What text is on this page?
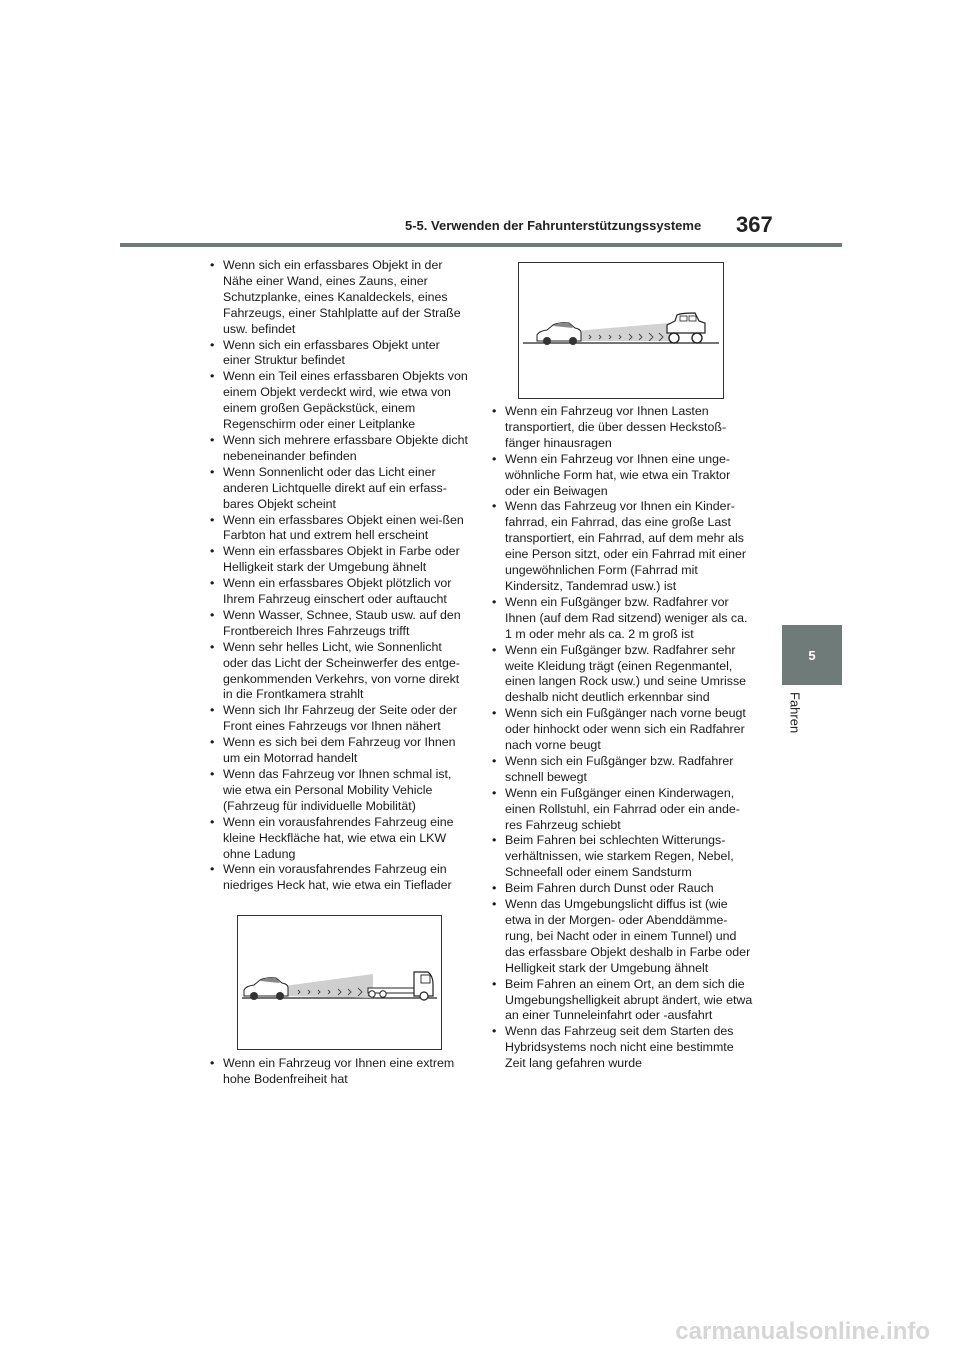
5-5. Verwenden der Fahrunterstützungssysteme 367
5
Fahren
• Wenn sich ein erfassbares Objekt in der Nähe einer Wand, eines Zauns, einer Schutzplanke, eines Kanaldeckels, eines Fahrzeugs, einer Stahlplatte auf der Straße usw. befindet
• Wenn sich ein erfassbares Objekt unter einer Struktur befindet
• Wenn ein Teil eines erfassbaren Objekts von einem Objekt verdeckt wird, wie etwa von einem großen Gepäckstück, einem Regenschirm oder einer Leitplanke
• Wenn sich mehrere erfassbare Objekte dicht nebeneinander befinden
• Wenn Sonnenlicht oder das Licht einer anderen Lichtquelle direkt auf ein erfass-bares Objekt scheint
• Wenn ein erfassbares Objekt einen wei-ßen Farbton hat und extrem hell erscheint
• Wenn ein erfassbares Objekt in Farbe oder Helligkeit stark der Umgebung ähnelt
• Wenn ein erfassbares Objekt plötzlich vor Ihrem Fahrzeug einschert oder auftaucht
• Wenn Wasser, Schnee, Staub usw. auf den Frontbereich Ihres Fahrzeugs trifft
• Wenn sehr helles Licht, wie Sonnenlicht oder das Licht der Scheinwerfer des entge-genkommenden Verkehrs, von vorne direkt in die Frontkamera strahlt
• Wenn sich Ihr Fahrzeug der Seite oder der Front eines Fahrzeugs vor Ihnen nähert
• Wenn es sich bei dem Fahrzeug vor Ihnen um ein Motorrad handelt
• Wenn das Fahrzeug vor Ihnen schmal ist, wie etwa ein Personal Mobility Vehicle (Fahrzeug für individuelle Mobilität)
• Wenn ein vorausfahrendes Fahrzeug eine kleine Heckfläche hat, wie etwa ein LKW ohne Ladung
• Wenn ein vorausfahrendes Fahrzeug ein niedriges Heck hat, wie etwa ein Tieflader
• Wenn ein Fahrzeug vor Ihnen eine extrem hohe Bodenfreiheit hat
• Wenn ein Fahrzeug vor Ihnen Lasten transportiert, die über dessen Heckstoß-fänger hinausragen
• Wenn ein Fahrzeug vor Ihnen eine unge-wöhnliche Form hat, wie etwa ein Traktor oder ein Beiwagen
• Wenn das Fahrzeug vor Ihnen ein Kinder-fahrrad, ein Fahrrad, das eine große Last transportiert, ein Fahrrad, auf dem mehr als eine Person sitzt, oder ein Fahrrad mit einer ungewöhnlichen Form (Fahrrad mit Kindersitz, Tandemrad usw.) ist
• Wenn ein Fußgänger bzw. Radfahrer vor Ihnen (auf dem Rad sitzend) weniger als ca. 1 m oder mehr als ca. 2 m groß ist
• Wenn ein Fußgänger bzw. Radfahrer sehr weite Kleidung trägt (einen Regenmantel, einen langen Rock usw.) und seine Umrisse deshalb nicht deutlich erkennbar sind
• Wenn sich ein Fußgänger nach vorne beugt oder hinhockt oder wenn sich ein Radfahrer nach vorne beugt
• Wenn sich ein Fußgänger bzw. Radfahrer schnell bewegt
• Wenn ein Fußgänger einen Kinderwagen, einen Rollstuhl, ein Fahrrad oder ein ande-res Fahrzeug schiebt
• Beim Fahren bei schlechten Witterungs-verhältnissen, wie starkem Regen, Nebel, Schneefall oder einem Sandsturm
• Beim Fahren durch Dunst oder Rauch
• Wenn das Umgebungslicht diffus ist (wie etwa in der Morgen- oder Abenddämme-rung, bei Nacht oder in einem Tunnel) und das erfassbare Objekt deshalb in Farbe oder Helligkeit stark der Umgebung ähnelt
• Beim Fahren an einem Ort, an dem sich die Umgebungshelligkeit abrupt ändert, wie etwa an einer Tunneleinfahrt oder -ausfahrt
• Wenn das Fahrzeug seit dem Starten des Hybridsystems noch nicht eine bestimmte Zeit lang gefahren wurde
carmanualsonline.info
